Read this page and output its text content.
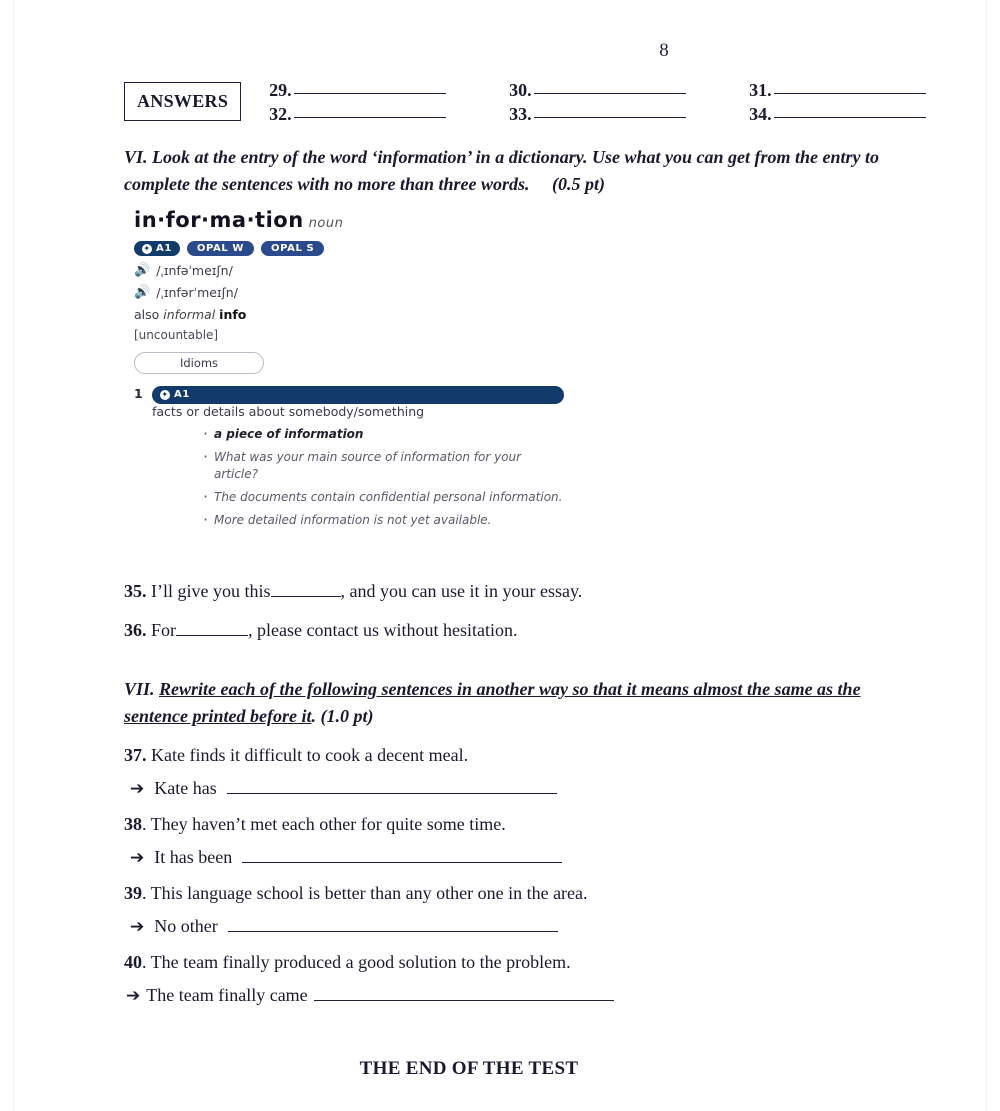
8
ANSWERS
29.	30.	31.
32.	33.	34.
VI. Look at the entry of the word ‘information’ in a dictionary. Use what you can get from the entry to complete the sentences with no more than three words. (0.5 pt)
in·for·ma·tion noun
✦ A1	OPAL W	OPAL S
🔊 /ˌɪnfəˈmeɪʃn/
🔊 /ˌɪnfərˈmeɪʃn/
also informal info
[uncountable]
Idioms
1	✦ A1
facts or details about somebody/something
· a piece of information
· What was your main source of information for your article?
· The documents contain confidential personal information.
· More detailed information is not yet available.
35. I’ll give you this	, and you can use it in your essay.
36. For	, please contact us without hesitation.
VII. Rewrite each of the following sentences in another way so that it means almost the same as the sentence printed before it. (1.0 pt)
37. Kate finds it difficult to cook a decent meal.
➔ Kate has
38. They haven’t met each other for quite some time.
➔ It has been
39. This language school is better than any other one in the area.
➔ No other
40. The team finally produced a good solution to the problem.
➔ The team finally came
THE END OF THE TEST
